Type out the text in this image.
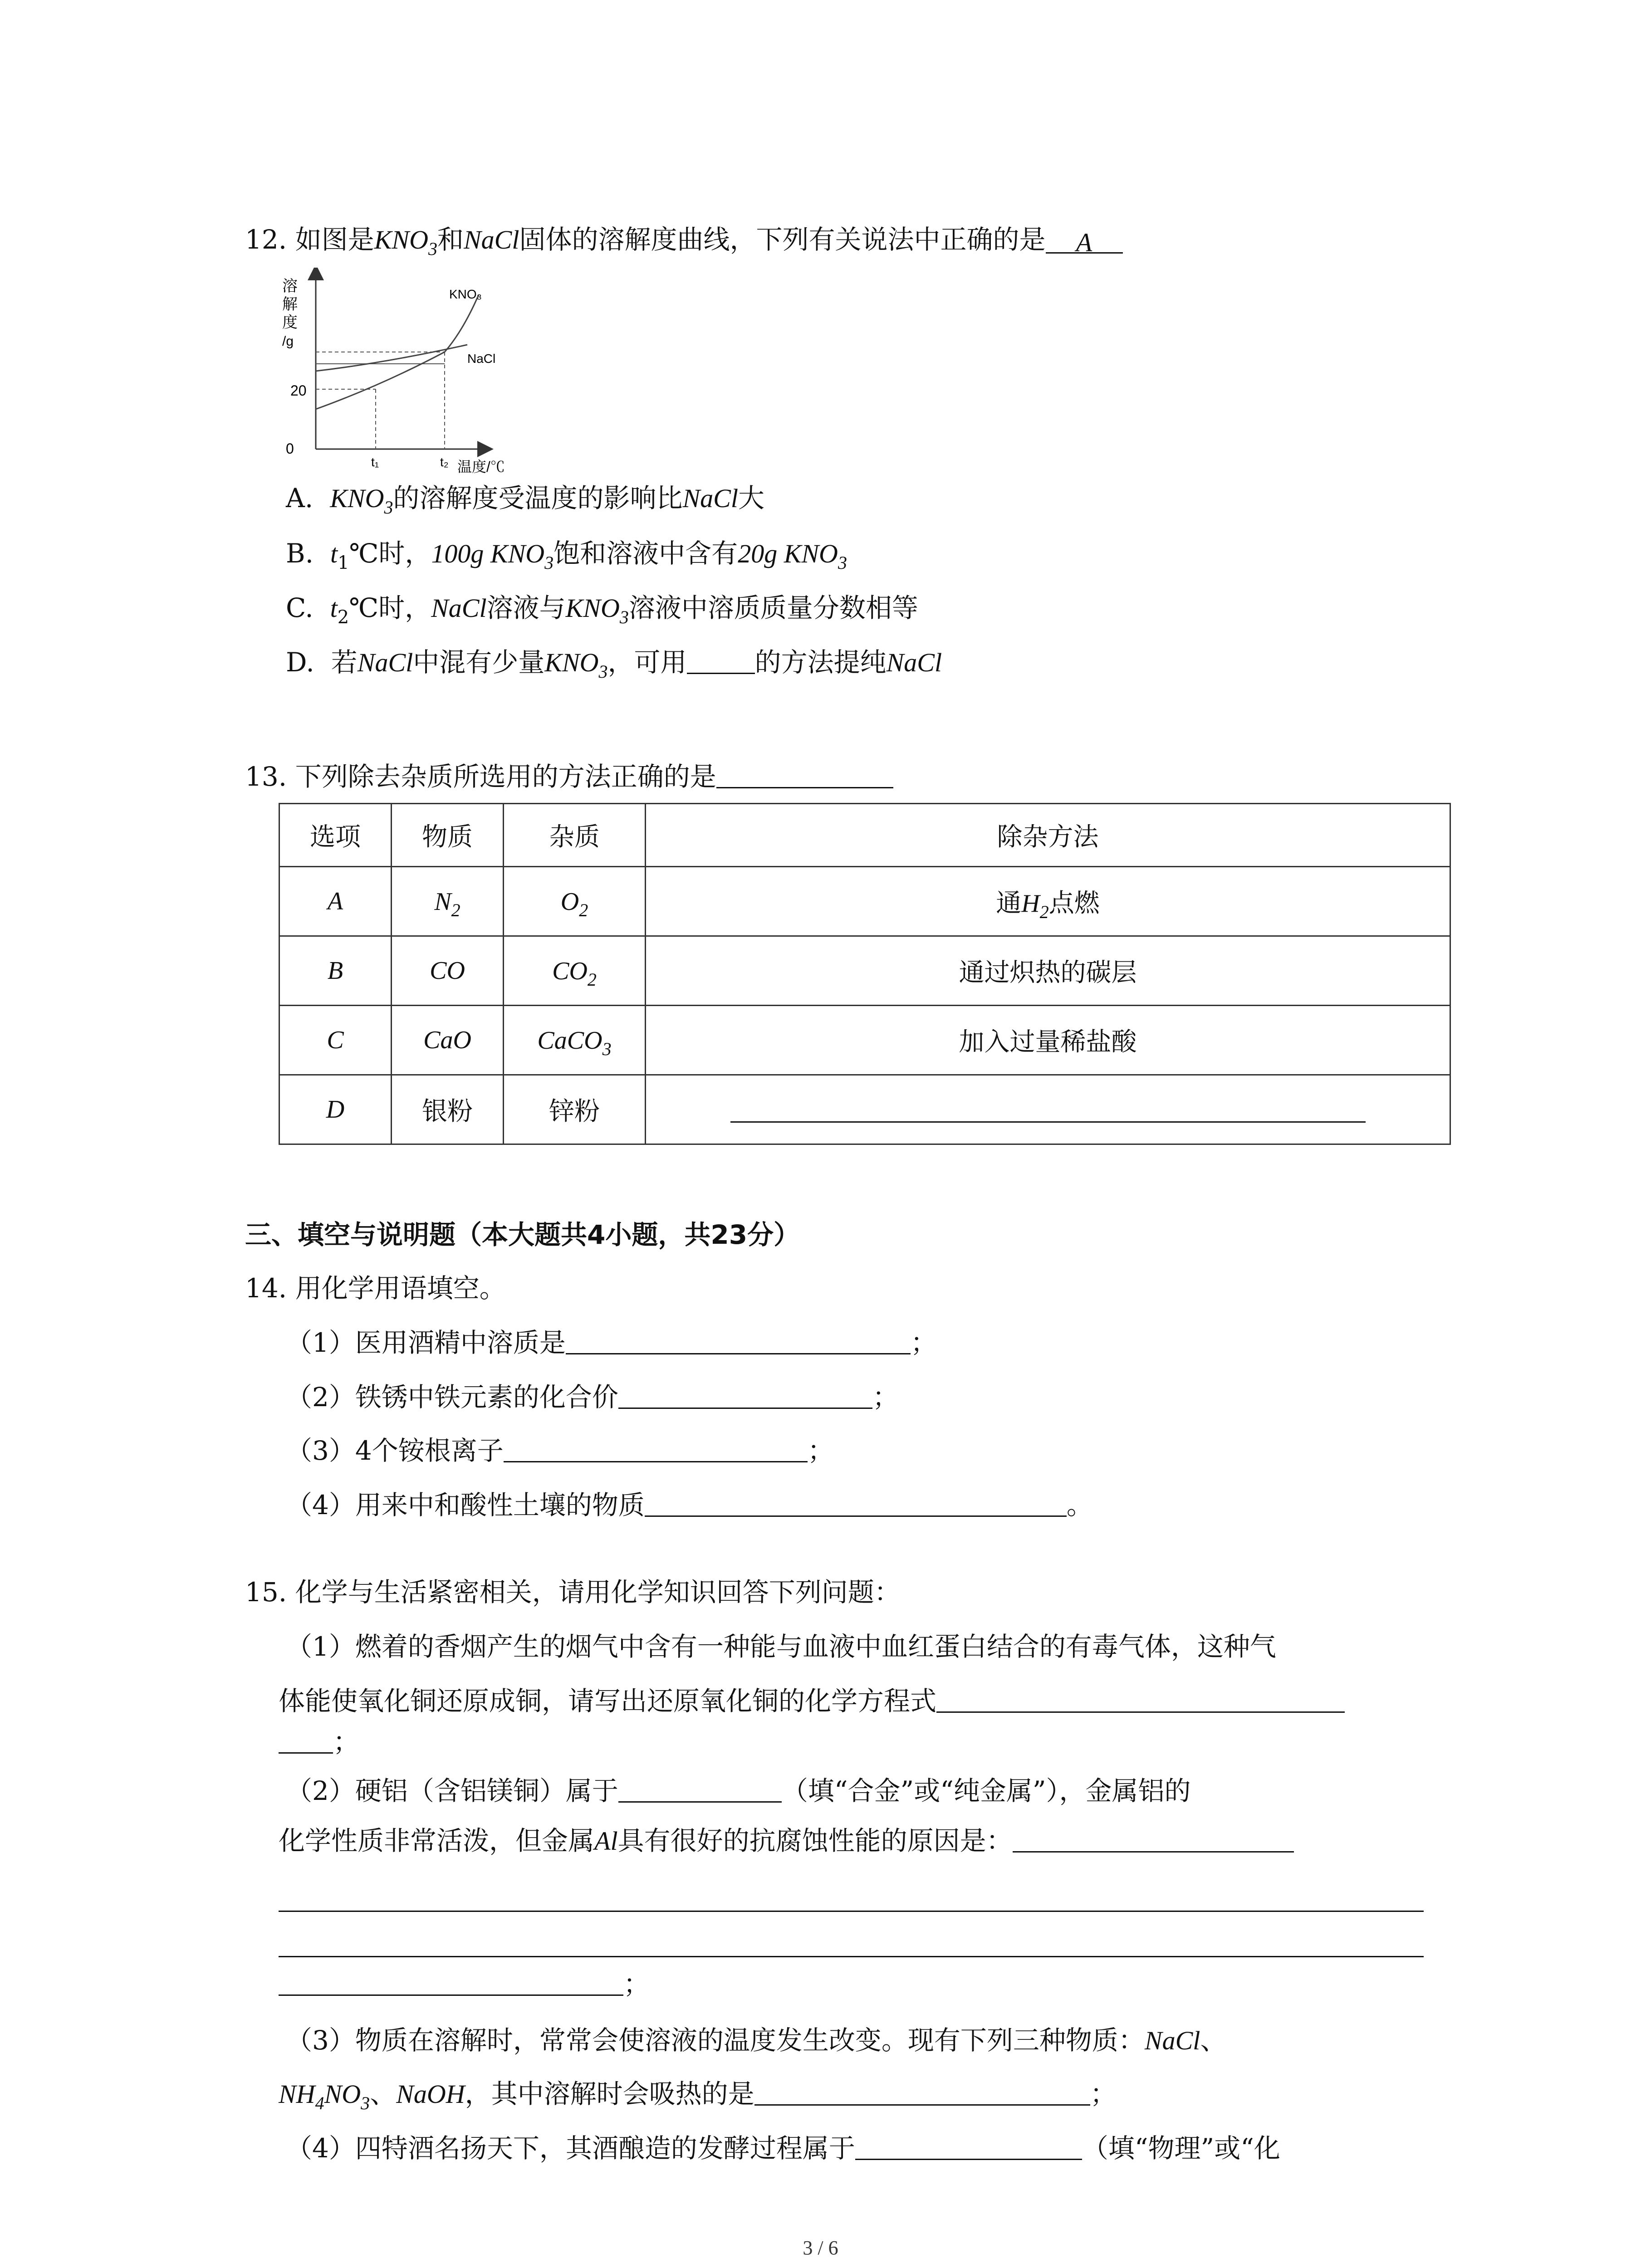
12. 如图是$KNO_3$和NaCl固体的溶解度曲线，下列有关说法中正确的是 A
溶
解
度
/g
KNO₃
NaCl
20
0
t₁	t₂ 温度/℃
A. $KNO_3$的溶解度受温度的影响比NaCl大
B. $t_1℃$时，100g $KNO_3$饱和溶液中含有20g $KNO_3$
C. $t_2℃$时，NaCl溶液与$KNO_3$溶液中溶质质量分数相等
D. 若NaCl中混有少量$KNO_3$，可用	的方法提纯NaCl
13. 下列除去杂质所选用的方法正确的是
选项	物质	杂质	除杂方法
A	$N_2$	$O_2$	通$H_2$点燃
B	CO	$CO_2$	通过炽热的碳层
C	CaO	CaCO$_3$	加入过量稀盐酸
D	银粉	锌粉	
三、填空与说明题（本大题共4小题，共23分）
14. 用化学用语填空。
（1）医用酒精中溶质是	；
（2）铁锈中铁元素的化合价	；
（3）4个铵根离子	；
（4）用来中和酸性土壤的物质	。
15. 化学与生活紧密相关，请用化学知识回答下列问题：
（1）燃着的香烟产生的烟气中含有一种能与血液中血红蛋白结合的有毒气体，这种气
体能使氧化铜还原成铜，请写出还原氧化铜的化学方程式
；
（2）硬铝（含铝镁铜）属于	（填“合金”或“纯金属”），金属铝的
化学性质非常活泼，但金属Al具有很好的抗腐蚀性能的原因是：
；
（3）物质在溶解时，常常会使溶液的温度发生改变。现有下列三种物质：NaCl、
$NH_4NO_3$、NaOH，其中溶解时会吸热的是	；
（4）四特酒名扬天下，其酒酿造的发酵过程属于	（填“物理”或“化
3 / 6
